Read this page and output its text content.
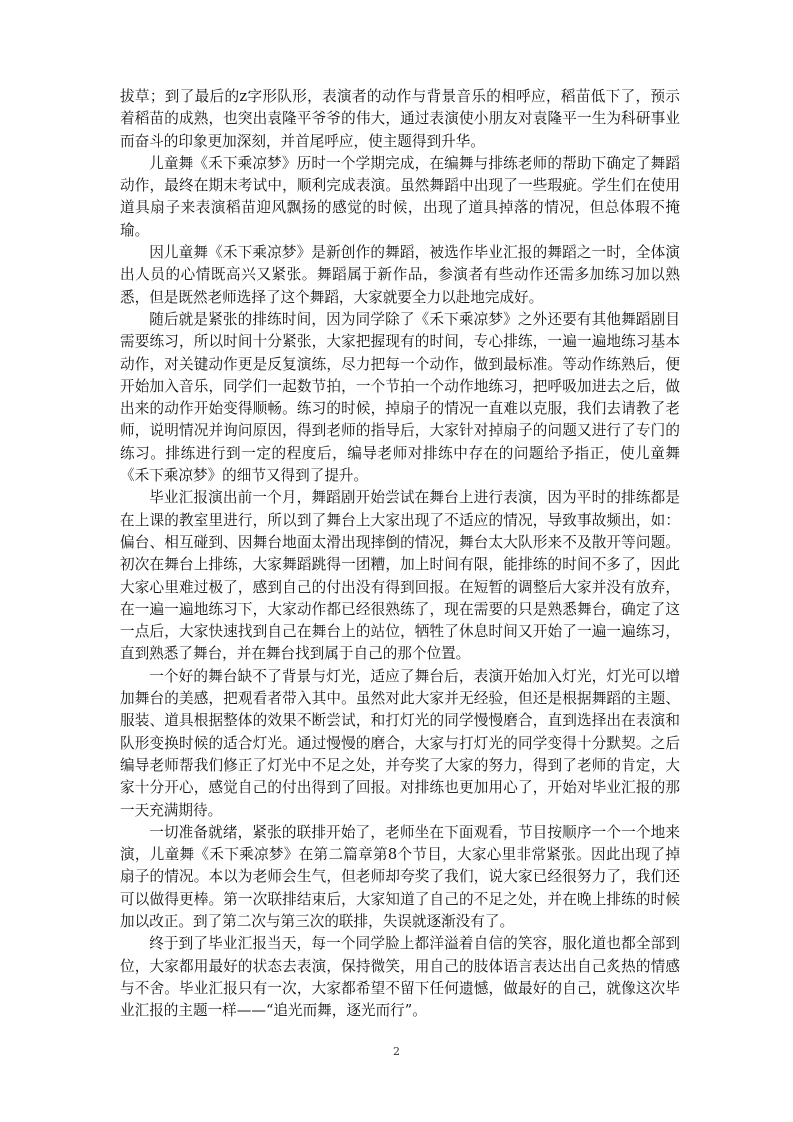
拔草；到了最后的z字形队形，表演者的动作与背景音乐的相呼应，稻苗低下了，预示着稻苗的成熟，也突出袁隆平爷爷的伟大，通过表演使小朋友对袁隆平一生为科研事业而奋斗的印象更加深刻，并首尾呼应，使主题得到升华。

儿童舞《禾下乘凉梦》历时一个学期完成，在编舞与排练老师的帮助下确定了舞蹈动作，最终在期末考试中，顺利完成表演。虽然舞蹈中出现了一些瑕疵。学生们在使用道具扇子来表演稻苗迎风飘扬的感觉的时候，出现了道具掉落的情况，但总体瑕不掩瑜。

因儿童舞《禾下乘凉梦》是新创作的舞蹈，被选作毕业汇报的舞蹈之一时，全体演出人员的心情既高兴又紧张。舞蹈属于新作品，参演者有些动作还需多加练习加以熟悉，但是既然老师选择了这个舞蹈，大家就要全力以赴地完成好。

随后就是紧张的排练时间，因为同学除了《禾下乘凉梦》之外还要有其他舞蹈剧目需要练习，所以时间十分紧张，大家把握现有的时间，专心排练，一遍一遍地练习基本动作，对关键动作更是反复演练，尽力把每一个动作，做到最标准。等动作练熟后，便开始加入音乐，同学们一起数节拍，一个节拍一个动作地练习，把呼吸加进去之后，做出来的动作开始变得顺畅。练习的时候，掉扇子的情况一直难以克服，我们去请教了老师，说明情况并询问原因，得到老师的指导后，大家针对掉扇子的问题又进行了专门的练习。排练进行到一定的程度后，编导老师对排练中存在的问题给予指正，使儿童舞《禾下乘凉梦》的细节又得到了提升。

毕业汇报演出前一个月，舞蹈剧开始尝试在舞台上进行表演，因为平时的排练都是在上课的教室里进行，所以到了舞台上大家出现了不适应的情况，导致事故频出，如：偏台、相互碰到、因舞台地面太滑出现摔倒的情况，舞台太大队形来不及散开等问题。初次在舞台上排练，大家舞蹈跳得一团糟，加上时间有限，能排练的时间不多了，因此大家心里难过极了，感到自己的付出没有得到回报。在短暂的调整后大家并没有放弃，在一遍一遍地练习下，大家动作都已经很熟练了，现在需要的只是熟悉舞台，确定了这一点后，大家快速找到自己在舞台上的站位，牺牲了休息时间又开始了一遍一遍练习，直到熟悉了舞台，并在舞台找到属于自己的那个位置。

一个好的舞台缺不了背景与灯光，适应了舞台后，表演开始加入灯光，灯光可以增加舞台的美感，把观看者带入其中。虽然对此大家并无经验，但还是根据舞蹈的主题、服装、道具根据整体的效果不断尝试，和打灯光的同学慢慢磨合，直到选择出在表演和队形变换时候的适合灯光。通过慢慢的磨合，大家与打灯光的同学变得十分默契。之后编导老师帮我们修正了灯光中不足之处，并夸奖了大家的努力，得到了老师的肯定，大家十分开心，感觉自己的付出得到了回报。对排练也更加用心了，开始对毕业汇报的那一天充满期待。

一切准备就绪，紧张的联排开始了，老师坐在下面观看，节目按顺序一个一个地来演，儿童舞《禾下乘凉梦》在第二篇章第8个节目，大家心里非常紧张。因此出现了掉扇子的情况。本以为老师会生气，但老师却夸奖了我们，说大家已经很努力了，我们还可以做得更棒。第一次联排结束后，大家知道了自己的不足之处，并在晚上排练的时候加以改正。到了第二次与第三次的联排，失误就逐渐没有了。

终于到了毕业汇报当天，每一个同学脸上都洋溢着自信的笑容，服化道也都全部到位，大家都用最好的状态去表演，保持微笑，用自己的肢体语言表达出自己炙热的情感与不舍。毕业汇报只有一次，大家都希望不留下任何遗憾，做最好的自己，就像这次毕业汇报的主题一样——“追光而舞，逐光而行”。

2
